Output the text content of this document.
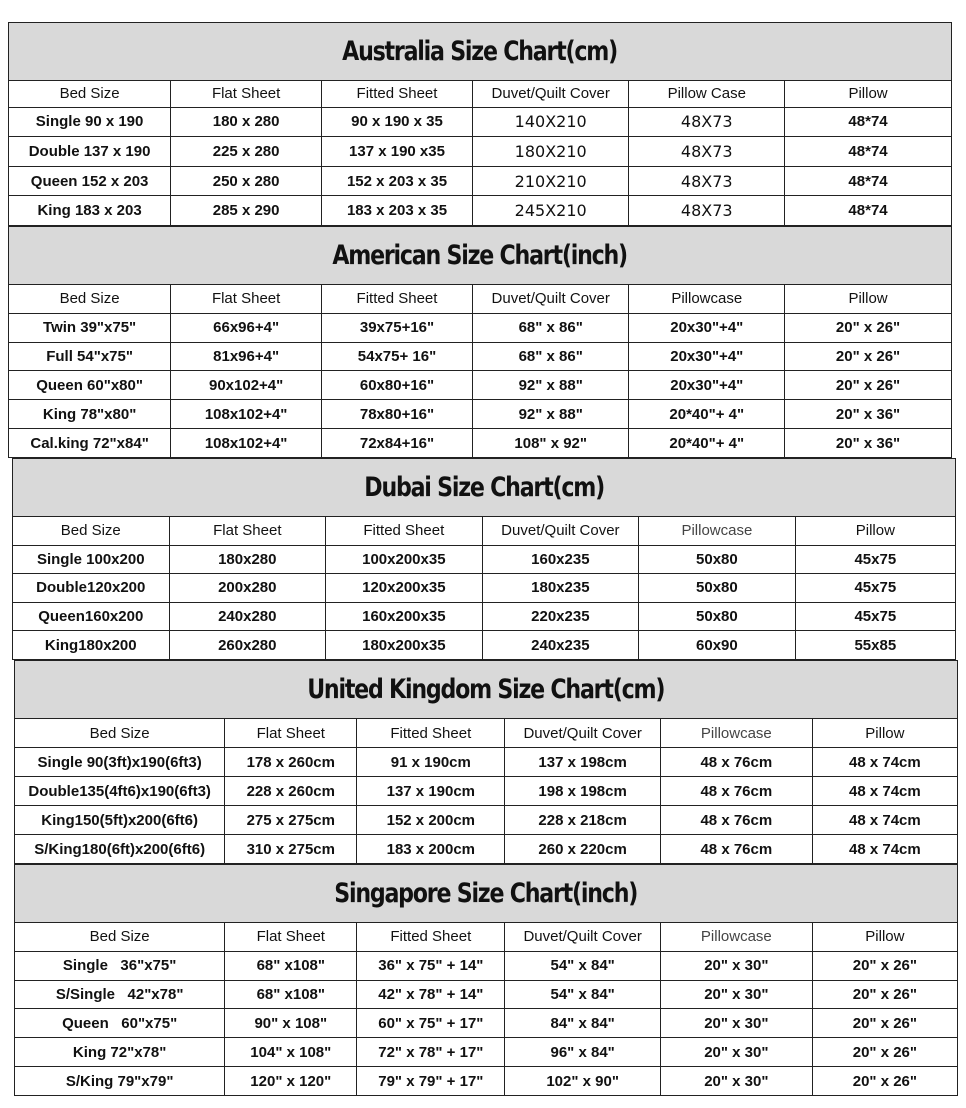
Australia Size Chart(cm)					
Bed Size	Flat Sheet	Fitted Sheet	Duvet/Quilt Cover	Pillow Case	Pillow
Single 90 x 190	180 x 280	90 x 190 x 35	140X210	48X73	48*74
Double 137 x 190	225 x 280	137 x 190 x35	180X210	48X73	48*74
Queen 152 x 203	250 x 280	152 x 203 x 35	210X210	48X73	48*74
King 183 x 203	285 x 290	183 x 203 x 35	245X210	48X73	48*74
American Size Chart(inch)					
Bed Size	Flat Sheet	Fitted Sheet	Duvet/Quilt Cover	Pillowcase	Pillow
Twin 39"x75"	66x96+4"	39x75+16"	68" x 86"	20x30"+4"	20" x 26"
Full 54"x75"	81x96+4"	54x75+ 16"	68" x 86"	20x30"+4"	20" x 26"
Queen 60"x80"	90x102+4"	60x80+16"	92" x 88"	20x30"+4"	20" x 26"
King 78"x80"	108x102+4"	78x80+16"	92" x 88"	20*40"+ 4"	20" x 36"
Cal.king 72"x84"	108x102+4"	72x84+16"	108" x 92"	20*40"+ 4"	20" x 36"
Dubai Size Chart(cm)					
Bed Size	Flat Sheet	Fitted Sheet	Duvet/Quilt Cover	Pillowcase	Pillow
Single 100x200	180x280	100x200x35	160x235	50x80	45x75
Double120x200	200x280	120x200x35	180x235	50x80	45x75
Queen160x200	240x280	160x200x35	220x235	50x80	45x75
King180x200	260x280	180x200x35	240x235	60x90	55x85
United Kingdom Size Chart(cm)					
Bed Size	Flat Sheet	Fitted Sheet	Duvet/Quilt Cover	Pillowcase	Pillow
Single 90(3ft)x190(6ft3)	178 x 260cm	91 x 190cm	137 x 198cm	48 x 76cm	48 x 74cm
Double135(4ft6)x190(6ft3)	228 x 260cm	137 x 190cm	198 x 198cm	48 x 76cm	48 x 74cm
King150(5ft)x200(6ft6)	275 x 275cm	152 x 200cm	228 x 218cm	48 x 76cm	48 x 74cm
S/King180(6ft)x200(6ft6)	310 x 275cm	183 x 200cm	260 x 220cm	48 x 76cm	48 x 74cm
Singapore Size Chart(inch)					
Bed Size	Flat Sheet	Fitted Sheet	Duvet/Quilt Cover	Pillowcase	Pillow
Single   36"x75"	68" x108"	36" x 75" + 14"	54" x 84"	20" x 30"	20" x 26"
S/Single   42"x78"	68" x108"	42" x 78" + 14"	54" x 84"	20" x 30"	20" x 26"
Queen   60"x75"	90" x 108"	60" x 75" + 17"	84" x 84"	20" x 30"	20" x 26"
King 72"x78"	104" x 108"	72" x 78" + 17"	96" x 84"	20" x 30"	20" x 26"
S/King 79"x79"	120" x 120"	79" x 79" + 17"	102" x 90"	20" x 30"	20" x 26"
